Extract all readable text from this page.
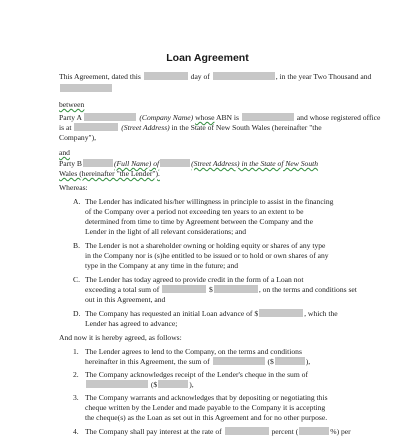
Loan Agreement
This Agreement, dated this	day of	, in the year Two Thousand and
between
Party A	(Company Name) whose ABN is	and whose registered office
is at	(Street Address) in the State of New South Wales (hereinafter "the
Company"),
and
Party B	(Full Name) of	(Street Address) in the State of New South
Wales (hereinafter "the Lender").
Whereas:
A. The Lender has indicated his/her willingness in principle to assist in the financing
of the Company over a period not exceeding ten years to an extent to be
determined from time to time by Agreement between the Company and the
Lender in the light of all relevant considerations; and
B. The Lender is not a shareholder owning or holding equity or shares of any type
in the Company nor is (s)he entitled to be issued or to hold or own shares of any
type in the Company at any time in the future; and
C. The Lender has today agreed to provide credit in the form of a Loan not
exceeding a total sum of	$	, on the terms and conditions set
out in this Agreement, and
D. The Company has requested an initial Loan advance of $	, which the
Lender has agreed to advance;
And now it is hereby agreed, as follows:
1. The Lender agrees to lend to the Company, on the terms and conditions
hereinafter in this Agreement, the sum of	($	),
2. The Company acknowledges receipt of the Lender's cheque in the sum of
($	),
3. The Company warrants and acknowledges that by depositing or negotiating this
cheque written by the Lender and made payable to the Company it is accepting
the cheque(s) as the Loan as set out in this Agreement and for no other purpose.
4. The Company shall pay interest at the rate of	percent (	%) per
